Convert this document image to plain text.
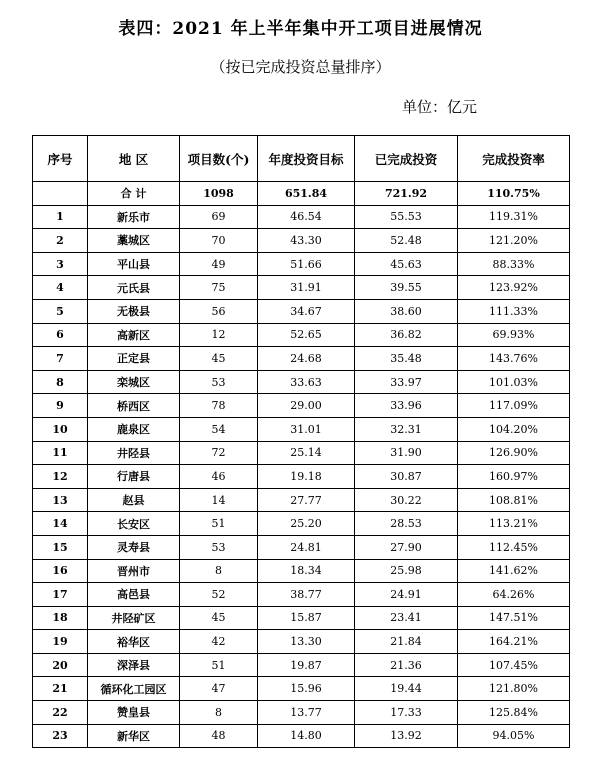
表四：2021 年上半年集中开工项目进展情况
（按已完成投资总量排序）
单位：亿元
序号	地 区	项目数(个)	年度投资目标	已完成投资	完成投资率
	合 计	1098	651.84	721.92	110.75%
1	新乐市	69	46.54	55.53	119.31%
2	藁城区	70	43.30	52.48	121.20%
3	平山县	49	51.66	45.63	88.33%
4	元氏县	75	31.91	39.55	123.92%
5	无极县	56	34.67	38.60	111.33%
6	高新区	12	52.65	36.82	69.93%
7	正定县	45	24.68	35.48	143.76%
8	栾城区	53	33.63	33.97	101.03%
9	桥西区	78	29.00	33.96	117.09%
10	鹿泉区	54	31.01	32.31	104.20%
11	井陉县	72	25.14	31.90	126.90%
12	行唐县	46	19.18	30.87	160.97%
13	赵县	14	27.77	30.22	108.81%
14	长安区	51	25.20	28.53	113.21%
15	灵寿县	53	24.81	27.90	112.45%
16	晋州市	8	18.34	25.98	141.62%
17	高邑县	52	38.77	24.91	64.26%
18	井陉矿区	45	15.87	23.41	147.51%
19	裕华区	42	13.30	21.84	164.21%
20	深泽县	51	19.87	21.36	107.45%
21	循环化工园区	47	15.96	19.44	121.80%
22	赞皇县	8	13.77	17.33	125.84%
23	新华区	48	14.80	13.92	94.05%
